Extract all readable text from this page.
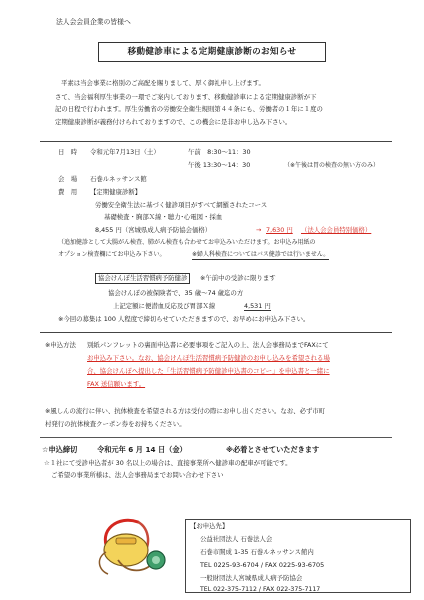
法人会会員企業の皆様へ
移動健診車による定期健康診断のお知らせ
平素は当会事業に格別のご高配を賜りまして、厚く御礼申し上げます。
さて、当会福利厚生事業の一環でご案内しております、移動健診車による定期健康診断が下
記の日程で行われます。厚生労働省の労働安全衛生規則第４４条にも、労働者の１年に１度の
定期健康診断が義務付けられておりますので、この機会に是非お申し込み下さい。
日　時 令和元年7月13日（土）	午前　8:30～11：30
午後 13:30～14：30	（※午後は胃の検査の無い方のみ）
会　場 石巻ルネッサンス館
費　用 【定期健康診断】
労働安全衛生法に基づく健診項目がすべて網羅されたコース
基礎検査・胸部Ｘ線・聴力･心電図・採血
8,455 円（宮城県成人病予防協会価格）	→ 7,630 円 （法人会会員特別価格）
（追加健診として大腸がん検査、肺がん検査も合わせてお申込みいただけます。お申込み用紙の
オプション検査欄にてお申込み下さい。	※婦人科検査についてはバス健診では行いません。
協会けんぽ生活習慣病予防健診	※午前中の受診に限ります
協会けんぽの被保険者で、35 歳～74 歳迄の方
上記定額に便潜血反応及び胃部Ｘ線	4,531 円
※今回の募集は 100 人程度で締切らせていただきますので、お早めにお申込み下さい。
※申込方法 別紙パンフレットの裏面申込書に必要事項をご記入の上、法人会事務局までFAXにて
お申込み下さい。なお、協会けんぽ生活習慣病予防健診のお申し込みを希望される場
合、協会けんぽへ提出した「生活習慣病予防健診申込書のコピー」を申込書と一緒に
FAX 送信願います。
※風しんの流行に伴い、抗体検査を希望される方は受付の際にお申し出ください。なお、必ず市町
村発行の抗体検査クーポン券をお持ちください。
☆申込締切	令和元年 6 月 14 日（金）	※必着とさせていただきます
☆１社にて受診申込者が 30 名以上の場合は、直接事業所へ健診車の配車が可能です。
ご希望の事業所様は、法人会事務局までお問い合わせ下さい
【お申込先】
公益社団法人 石巻法人会
石巻市開成 1-35 石巻ルネッサンス館内
TEL 0225-93-6704 / FAX 0225-93-6705
一般財団法人宮城県成人病予防協会
TEL 022-375-7112 / FAX 022-375-7117
